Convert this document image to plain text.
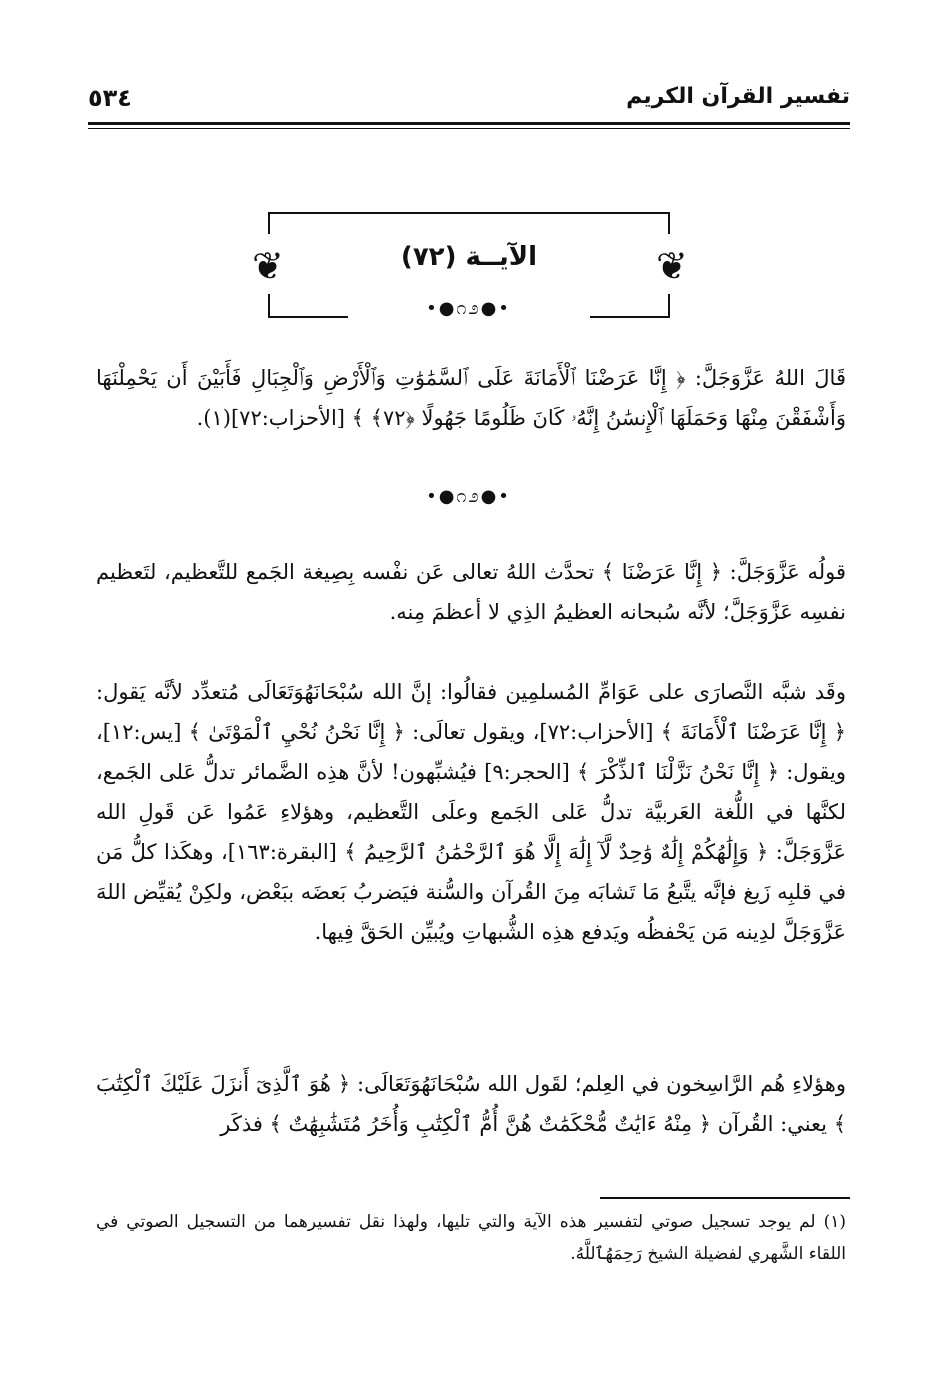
٥٣٤	تفسير القرآن الكريم
❦	❦
الآيــة (٧٢)
•●೧೨●•

قَالَ اللهُ عَزَّوَجَلَّ: ﴿ إِنَّا عَرَضْنَا ٱلْأَمَانَةَ عَلَى ٱلسَّمَٰوَٰتِ وَٱلْأَرْضِ وَٱلْجِبَالِ فَأَبَيْنَ أَن يَحْمِلْنَهَا وَأَشْفَقْنَ مِنْهَا وَحَمَلَهَا ٱلْإِنسَٰنُ إِنَّهُۥ كَانَ ظَلُومًا جَهُولًا ﴿٧٢﴾ ﴾ [الأحزاب:٧٢](١).

•●೧೨●•

قولُه عَزَّوَجَلَّ: ﴿ إِنَّا عَرَضْنَا ﴾ تحدَّث اللهُ تعالى عَن نفْسه بِصِيغة الجَمع للتَّعظيم، لتَعظيم نفسِه عَزَّوَجَلَّ؛ لأنَّه سُبحانه العظيمُ الذِي لا أعظمَ مِنه.

وقَد شبَّه النَّصارَى على عَوَامِّ المُسلمِين فقالُوا: إنَّ الله سُبْحَانَهُوَتَعَالَى مُتعدِّد لأنَّه يَقول: ﴿ إِنَّا عَرَضْنَا ٱلْأَمَانَةَ ﴾ [الأحزاب:٧٢]، ويقول تعالَى: ﴿ إِنَّا نَحْنُ نُحْيِ ٱلْمَوْتَىٰ ﴾ [يس:١٢]، ويقول: ﴿ إِنَّا نَحْنُ نَزَّلْنَا ٱلذِّكْرَ ﴾ [الحجر:٩] فيُشبِّهون! لأنَّ هذِه الضَّمائر تدلُّ عَلى الجَمع، لكنَّها في اللُّغة العَربيَّة تدلُّ عَلى الجَمع وعلَى التَّعظيم، وهؤلاءِ عَمُوا عَن قَولِ الله عَزَّوَجَلَّ: ﴿ وَإِلَٰهُكُمْ إِلَٰهٌ وَٰحِدٌ لَّآ إِلَٰهَ إِلَّا هُوَ ٱلرَّحْمَٰنُ ٱلرَّحِيمُ ﴾ [البقرة:١٦٣]، وهكَذا كلُّ مَن في قلبِه زَيغ فإنَّه يتَّبعُ مَا تَشابَه مِنَ القُرآن والسُّنة فيَضربُ بَعضَه ببَعْض، ولكِنْ يُقيِّض اللهَ عَزَّوَجَلَّ لدِينه مَن يَحْفظُه ويَدفع هذِه الشُّبهاتِ ويُبيِّن الحَقَّ فِيها.

وهؤلاءِ هُم الرَّاسِخون في العِلم؛ لقَول الله سُبْحَانَهُوَتَعَالَى: ﴿ هُوَ ٱلَّذِىٓ أَنزَلَ عَلَيْكَ ٱلْكِتَٰبَ ﴾ يعني: القُرآن ﴿ مِنْهُ ءَايَٰتٌ مُّحْكَمَٰتٌ هُنَّ أُمُّ ٱلْكِتَٰبِ وَأُخَرُ مُتَشَٰبِهَٰتٌ ﴾ فذكَر

(١) لم يوجد تسجيل صوتي لتفسير هذه الآية والتي تليها، ولهذا نقل تفسيرهما من التسجيل الصوتي في اللقاء الشَّهري لفضيلة الشيخ رَحِمَهُٱللَّهُ.
